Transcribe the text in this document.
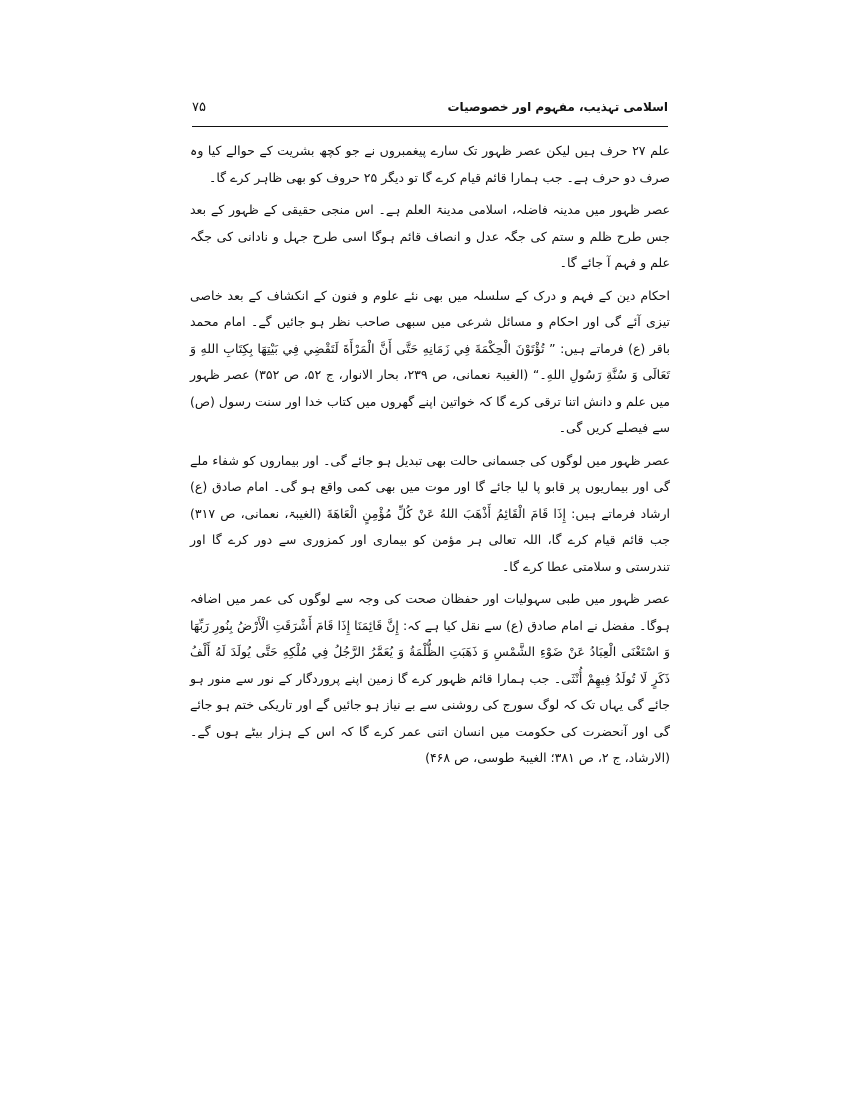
۷۵	اسلامی تہذیب، مفہوم اور خصوصیات

علم ۲۷ حرف ہیں لیکن عصر ظہور تک سارے پیغمبروں نے جو کچھ بشریت کے حوالے کیا وہ صرف دو حرف ہے۔ جب ہمارا قائم قیام کرے گا تو دیگر ۲۵ حروف کو بھی ظاہر کرے گا۔

عصر ظہور میں مدینہ فاضلہ، اسلامی مدینۃ العلم ہے۔ اس منجی حقیقی کے ظہور کے بعد جس طرح ظلم و ستم کی جگہ عدل و انصاف قائم ہوگا اسی طرح جہل و نادانی کی جگہ علم و فہم آ جائے گا۔

احکام دین کے فہم و درک کے سلسلہ میں بھی نئے علوم و فنون کے انکشاف کے بعد خاصی تیزی آئے گی اور احکام و مسائل شرعی میں سبھی صاحب نظر ہو جائیں گے۔ امام محمد باقر (ع) فرماتے ہیں: ” تُؤْتَوْنَ الْحِكْمَةَ فِي زَمَانِهِ حَتَّى أَنَّ الْمَرْأَةَ لَتَقْضِي فِي بَيْتِهَا بِكِتَابِ اللهِ وَ تَعَالَى وَ سُنَّةِ رَسُولِ اللهِ۔“ (الغیبۃ نعمانی، ص ۲۳۹، بحار الانوار، ج ۵۲، ص ۳۵۲) عصر ظہور میں علم و دانش اتنا ترقی کرے گا کہ خواتین اپنے گھروں میں کتاب خدا اور سنت رسول (ص) سے فیصلے کریں گی۔

عصر ظہور میں لوگوں کی جسمانی حالت بھی تبدیل ہو جائے گی۔ اور بیماروں کو شفاء ملے گی اور بیماریوں پر قابو پا لیا جائے گا اور موت میں بھی کمی واقع ہو گی۔ امام صادق (ع) ارشاد فرماتے ہیں: إِذَا قَامَ الْقَائِمُ أَذْهَبَ اللهُ عَنْ كُلِّ مُؤْمِنٍ الْعَاهَةَ (الغیبۃ، نعمانی، ص ۳۱۷) جب قائم قیام کرے گا، اللہ تعالی ہر مؤمن کو بیماری اور کمزوری سے دور کرے گا اور تندرستی و سلامتی عطا کرے گا۔

عصر ظہور میں طبی سہولیات اور حفظان صحت کی وجہ سے لوگوں کی عمر میں اضافہ ہوگا۔ مفضل نے امام صادق (ع) سے نقل کیا ہے کہ: إِنَّ قَائِمَنَا إِذَا قَامَ أَشْرَقَتِ الْأَرْضُ بِنُورِ رَبِّهَا وَ اسْتَغْنَى الْعِبَادُ عَنْ ضَوْءِ الشَّمْسِ وَ ذَهَبَتِ الظُّلْمَةُ وَ يُعَمَّرُ الرَّجُلُ فِي مُلْكِهِ حَتَّى يُولَدَ لَهُ أَلْفُ ذَكَرٍ لَا تُولَدُ فِيهِمْ أُنْثَى۔ جب ہمارا قائم ظہور کرے گا زمین اپنے پروردگار کے نور سے منور ہو جائے گی یہاں تک کہ لوگ سورج کی روشنی سے بے نیاز ہو جائیں گے اور تاریکی ختم ہو جائے گی اور آنحضرت کی حکومت میں انسان اتنی عمر کرے گا کہ اس کے ہزار بیٹے ہوں گے۔ (الارشاد، ج ۲، ص ۳۸۱؛ الغیبۃ طوسی، ص ۴۶۸)
